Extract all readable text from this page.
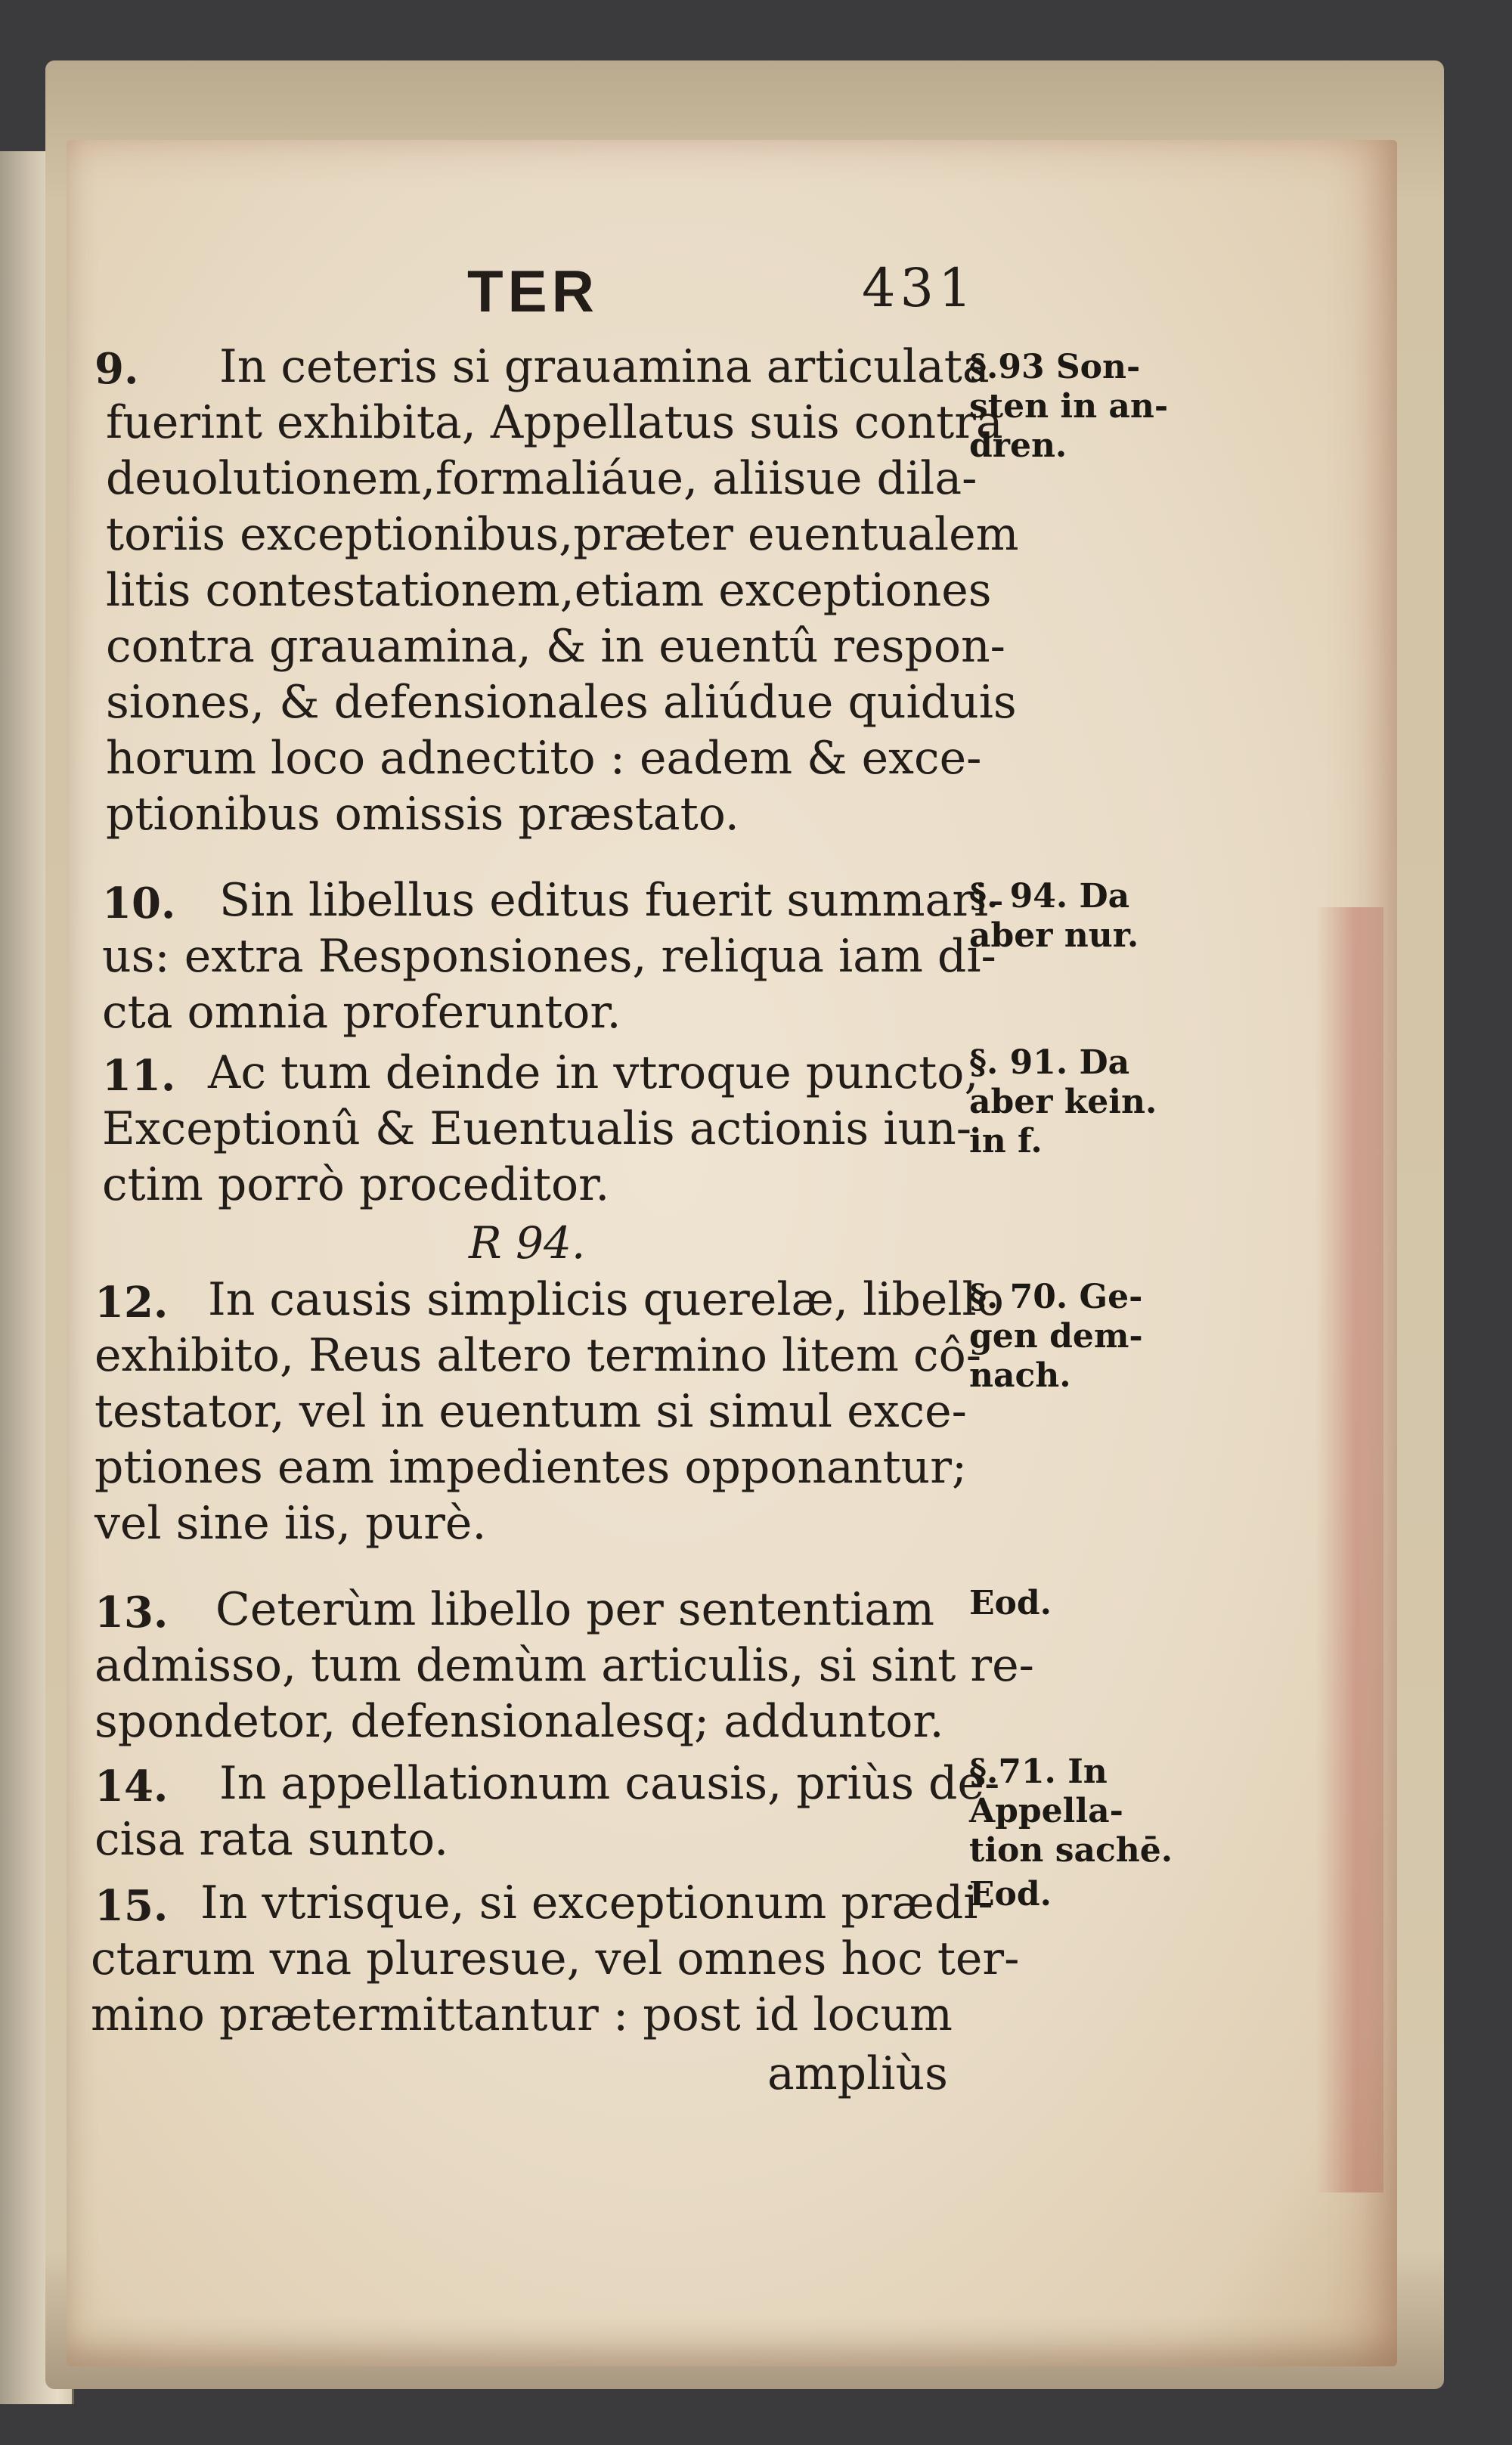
TER	431
9. In ceteris si grauamina articulata
fuerint exhibita, Appellatus suis contra
deuolutionem,formaliáue, aliisue dila-
toriis exceptionibus,præter euentualem
litis contestationem,etiam exceptiones
contra grauamina, & in euentû respon-
siones, & defensionales aliúdue quiduis
horum loco adnectito : eadem & exce-
ptionibus omissis præstato.
§.93 Son-
sten in an-
dren.
10. Sin libellus editus fuerit summari-
us: extra Responsiones, reliqua iam di-
cta omnia proferuntor.
§. 94. Da
aber nur.
11. Ac tum deinde in vtroque puncto,
Exceptionû & Euentualis actionis iun-
ctim porrò proceditor.
§. 91. Da
aber kein.
in f.
R 94.
12. In causis simplicis querelæ, libello
exhibito, Reus altero termino litem cô-
testator, vel in euentum si simul exce-
ptiones eam impedientes opponantur;
vel sine iis, purè.
§. 70. Ge-
gen dem-
nach.
13. Ceterùm libello per sententiam
admisso, tum demùm articulis, si sint re-
spondetor, defensionalesq; adduntor.
Eod.
14. In appellationum causis, priùs de-
cisa rata sunto.
§.71. In
Appella-
tion sachē.
15. In vtrisque, si exceptionum prædi-
ctarum vna pluresue, vel omnes hoc ter-
mino prætermittantur : post id locum
Eod.
ampliùs
